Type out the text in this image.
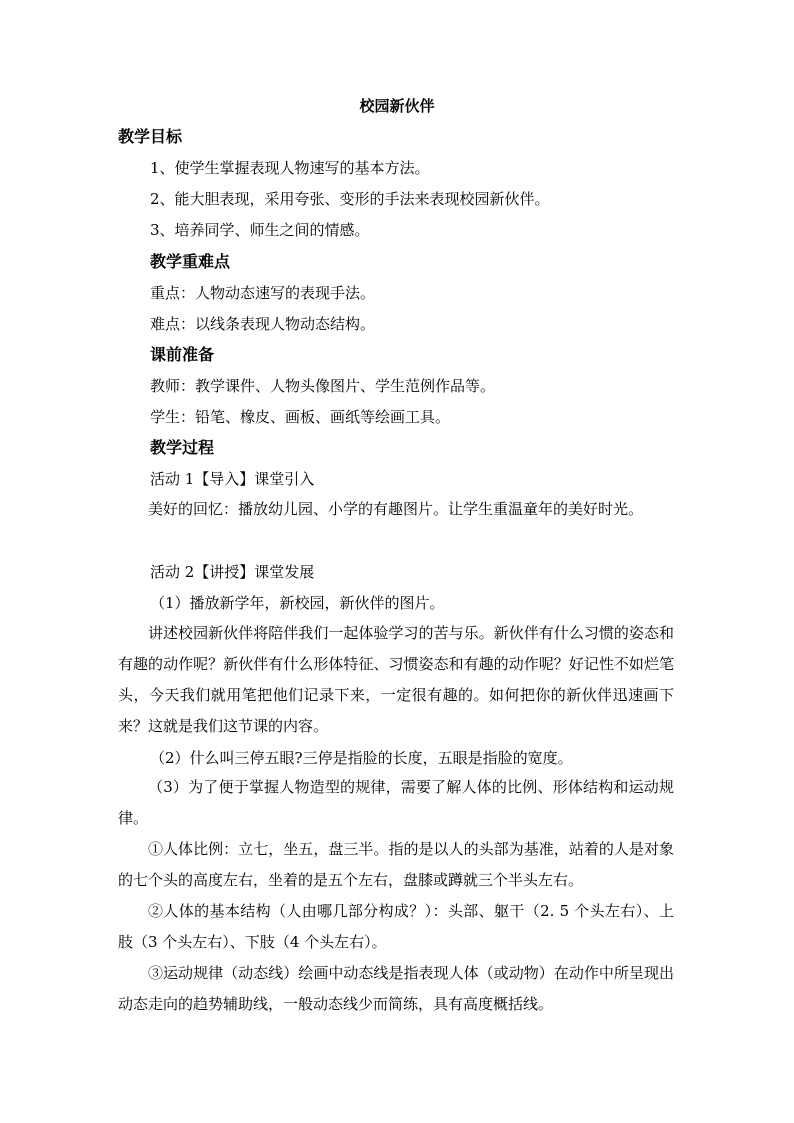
校园新伙伴
教学目标
1、使学生掌握表现人物速写的基本方法。
2、能大胆表现，采用夸张、变形的手法来表现校园新伙伴。
3、培养同学、师生之间的情感。
教学重难点
重点：人物动态速写的表现手法。
难点：以线条表现人物动态结构。
课前准备
教师：教学课件、人物头像图片、学生范例作品等。
学生：铅笔、橡皮、画板、画纸等绘画工具。
教学过程
活动 1【导入】课堂引入
美好的回忆：播放幼儿园、小学的有趣图片。让学生重温童年的美好时光。
活动 2【讲授】课堂发展
（1）播放新学年，新校园，新伙伴的图片。
讲述校园新伙伴将陪伴我们一起体验学习的苦与乐。新伙伴有什么习惯的姿态和有趣的动作呢？新伙伴有什么形体特征、习惯姿态和有趣的动作呢？好记性不如烂笔头，今天我们就用笔把他们记录下来，一定很有趣的。如何把你的新伙伴迅速画下来？这就是我们这节课的内容。
（2）什么叫三停五眼?三停是指脸的长度，五眼是指脸的宽度。
（3）为了便于掌握人物造型的规律，需要了解人体的比例、形体结构和运动规律。
①人体比例：立七，坐五，盘三半。指的是以人的头部为基准，站着的人是对象的七个头的高度左右，坐着的是五个左右，盘膝或蹲就三个半头左右。
②人体的基本结构（人由哪几部分构成？）：头部、躯干（2. 5 个头左右）、上肢（3 个头左右）、下肢（4 个头左右）。
③运动规律（动态线）绘画中动态线是指表现人体（或动物）在动作中所呈现出动态走向的趋势辅助线，一般动态线少而简练，具有高度概括线。
